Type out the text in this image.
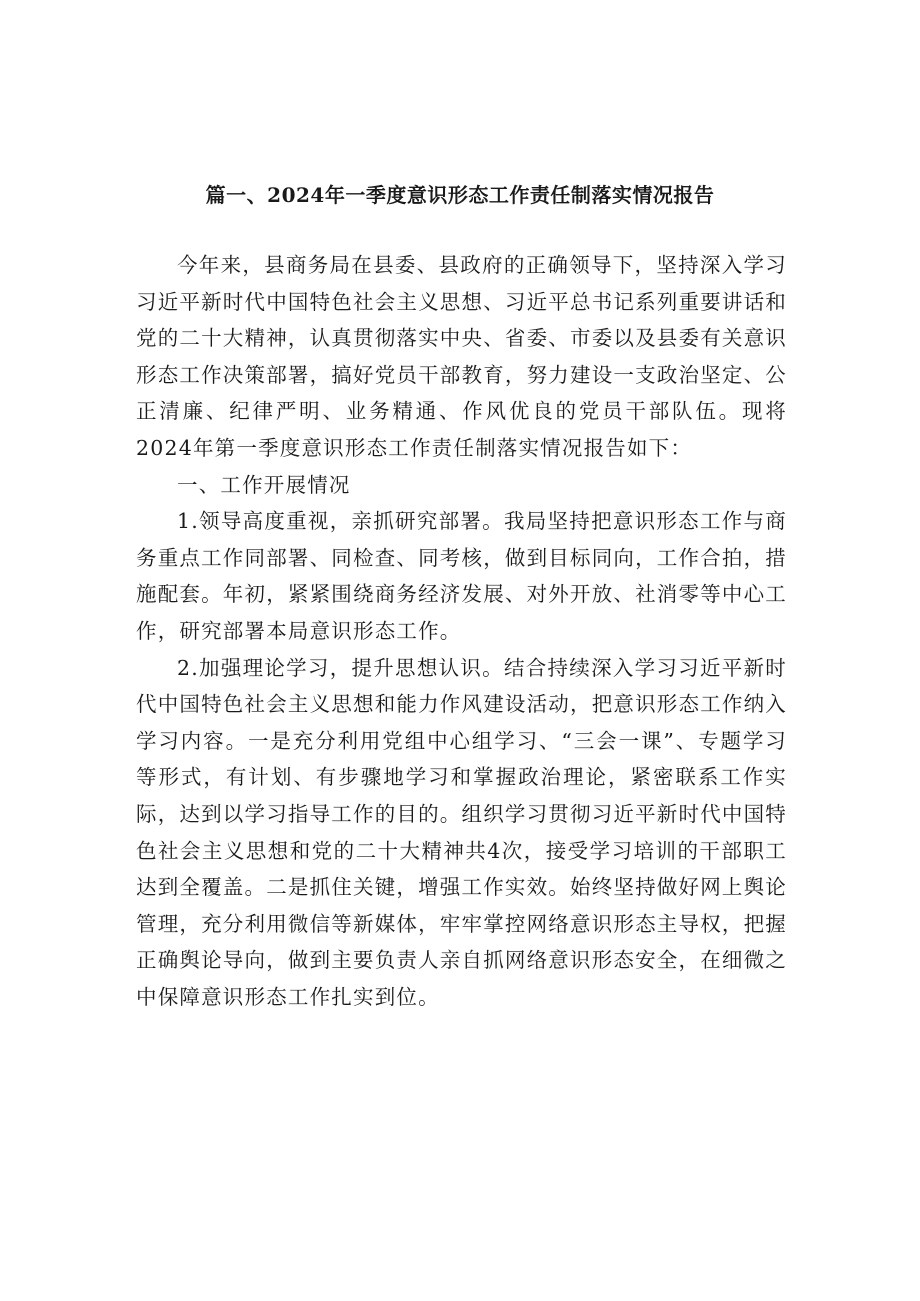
篇一、2024年一季度意识形态工作责任制落实情况报告

今年来，县商务局在县委、县政府的正确领导下，坚持深入学习习近平新时代中国特色社会主义思想、习近平总书记系列重要讲话和党的二十大精神，认真贯彻落实中央、省委、市委以及县委有关意识形态工作决策部署，搞好党员干部教育，努力建设一支政治坚定、公正清廉、纪律严明、业务精通、作风优良的党员干部队伍。现将2024年第一季度意识形态工作责任制落实情况报告如下：

一、工作开展情况

1.领导高度重视，亲抓研究部署。我局坚持把意识形态工作与商务重点工作同部署、同检查、同考核，做到目标同向，工作合拍，措施配套。年初，紧紧围绕商务经济发展、对外开放、社消零等中心工作，研究部署本局意识形态工作。

2.加强理论学习，提升思想认识。结合持续深入学习习近平新时代中国特色社会主义思想和能力作风建设活动，把意识形态工作纳入学习内容。一是充分利用党组中心组学习、“三会一课”、专题学习等形式，有计划、有步骤地学习和掌握政治理论，紧密联系工作实际，达到以学习指导工作的目的。组织学习贯彻习近平新时代中国特色社会主义思想和党的二十大精神共4次，接受学习培训的干部职工达到全覆盖。二是抓住关键，增强工作实效。始终坚持做好网上舆论管理，充分利用微信等新媒体，牢牢掌控网络意识形态主导权，把握正确舆论导向，做到主要负责人亲自抓网络意识形态安全，在细微之中保障意识形态工作扎实到位。
